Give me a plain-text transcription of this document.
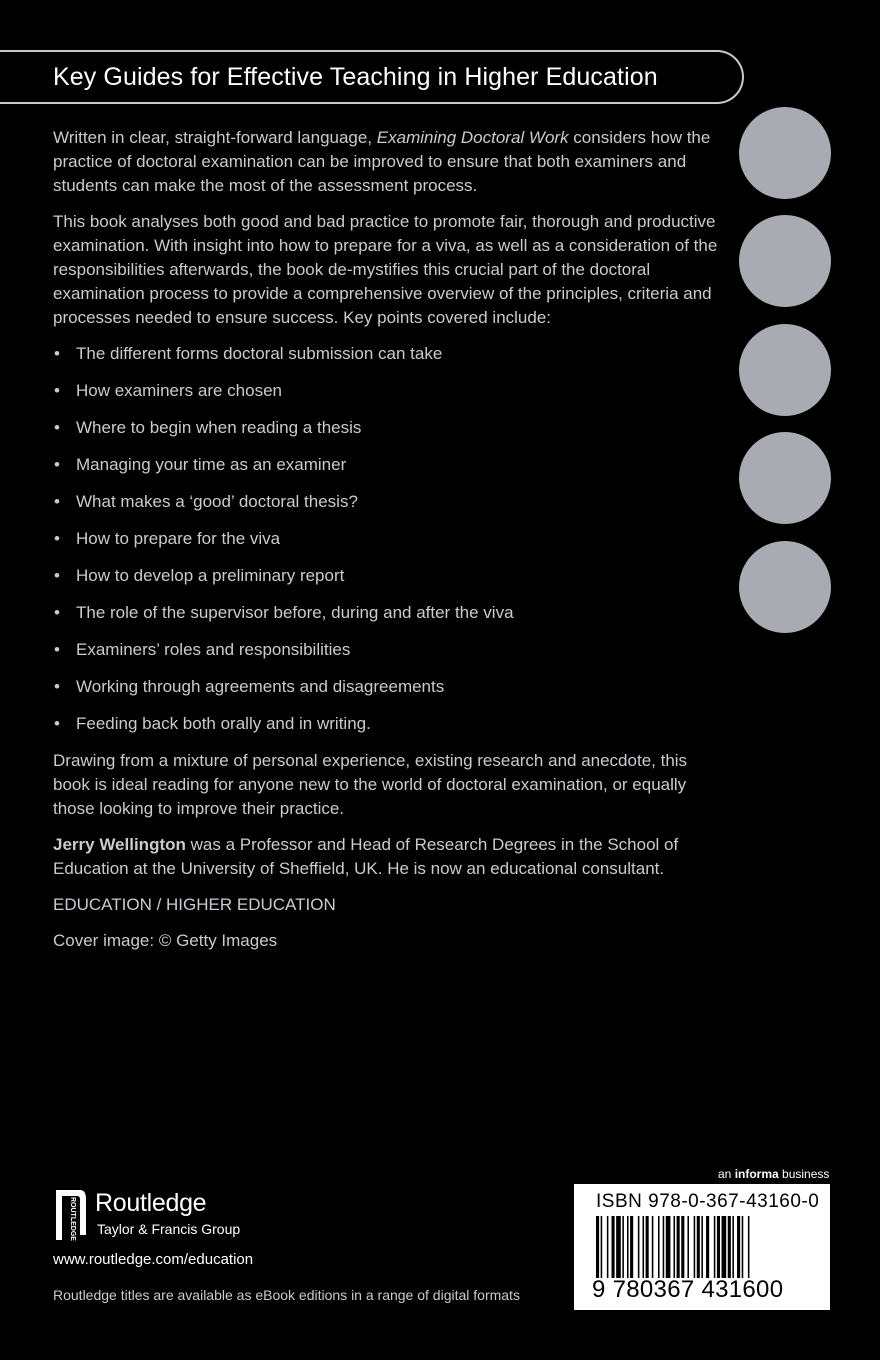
Key Guides for Effective Teaching in Higher Education

Written in clear, straight-forward language, Examining Doctoral Work considers how the practice of doctoral examination can be improved to ensure that both examiners and students can make the most of the assessment process.

This book analyses both good and bad practice to promote fair, thorough and productive examination. With insight into how to prepare for a viva, as well as a consideration of the responsibilities afterwards, the book de-mystifies this crucial part of the doctoral examination process to provide a comprehensive overview of the principles, criteria and processes needed to ensure success. Key points covered include:

• The different forms doctoral submission can take
• How examiners are chosen
• Where to begin when reading a thesis
• Managing your time as an examiner
• What makes a ‘good’ doctoral thesis?
• How to prepare for the viva
• How to develop a preliminary report
• The role of the supervisor before, during and after the viva
• Examiners’ roles and responsibilities
• Working through agreements and disagreements
• Feeding back both orally and in writing.

Drawing from a mixture of personal experience, existing research and anecdote, this book is ideal reading for anyone new to the world of doctoral examination, or equally those looking to improve their practice.

Jerry Wellington was a Professor and Head of Research Degrees in the School of Education at the University of Sheffield, UK. He is now an educational consultant.

EDUCATION / HIGHER EDUCATION

Cover image: © Getty Images

ROUTLEDGE Routledge
Taylor & Francis Group
www.routledge.com/education
Routledge titles are available as eBook editions in a range of digital formats
an informa business
ISBN 978-0-367-43160-0
9 780367 431600
